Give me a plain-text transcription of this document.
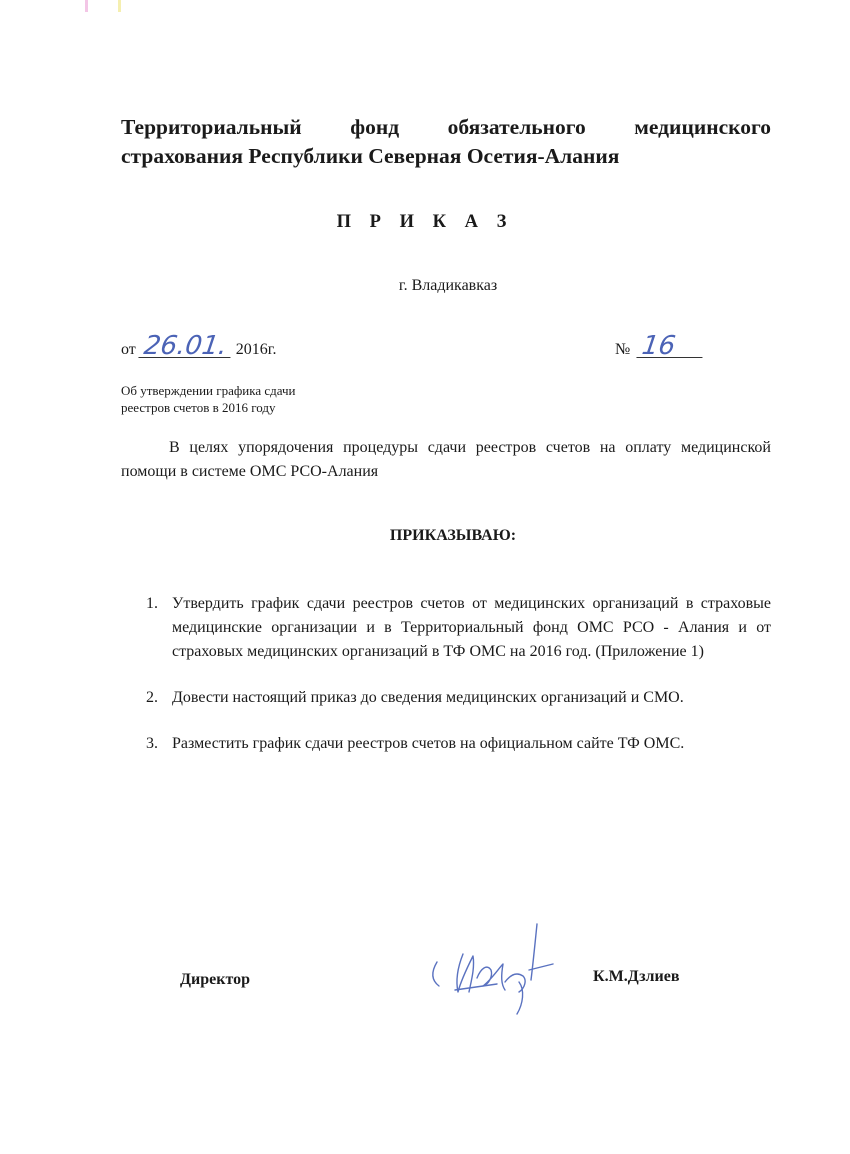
Территориальный фонд обязательного медицинского
страхования Республики Северная Осетия-Алания
П Р И К А З
г. Владикавказ
от 26.01. 2016г.	№ 16
Об утверждении графика сдачи
реестров счетов в 2016 году
В целях упорядочения процедуры сдачи реестров счетов на оплату медицинской помощи в системе ОМС РСО-Алания
ПРИКАЗЫВАЮ:
1. Утвердить график сдачи реестров счетов от медицинских организаций в страховые медицинские организации и в Территориальный фонд ОМС РСО - Алания и от страховых медицинских организаций в ТФ ОМС на 2016 год. (Приложение 1)
2. Довести настоящий приказ до сведения медицинских организаций и СМО.
3. Разместить график сдачи реестров счетов на официальном сайте ТФ ОМС.
Директор	К.М.Дзлиев
